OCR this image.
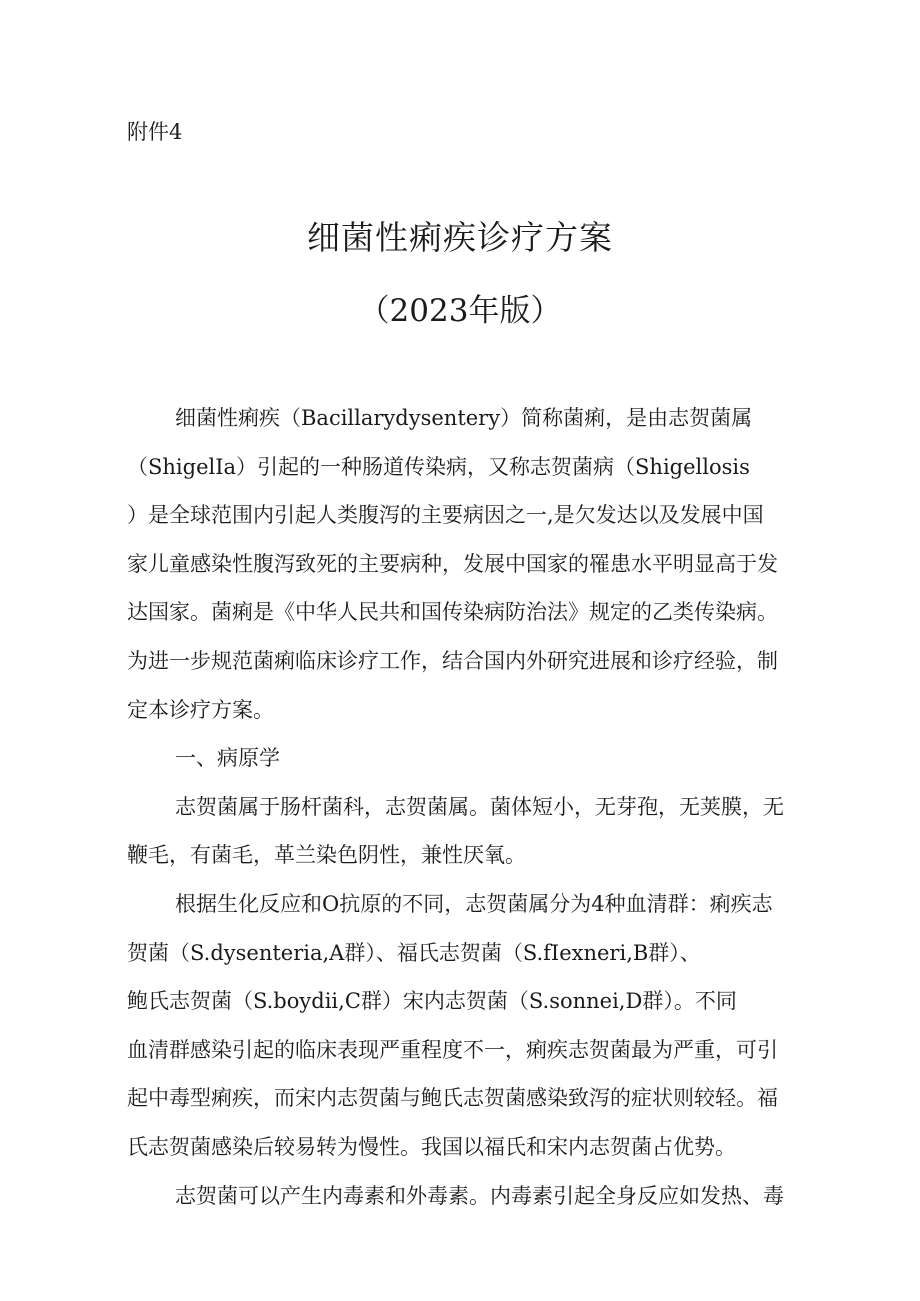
附件4
细菌性痢疾诊疗方案
（2023年版）
细菌性痢疾（Bacillarydysentery）简称菌痢，是由志贺菌属
（ShigelIa）引起的一种肠道传染病，又称志贺菌病（Shigellosis
）是全球范围内引起人类腹泻的主要病因之一,是欠发达以及发展中国
家儿童感染性腹泻致死的主要病种，发展中国家的罹患水平明显高于发
达国家。菌痢是《中华人民共和国传染病防治法》规定的乙类传染病。
为进一步规范菌痢临床诊疗工作，结合国内外研究进展和诊疗经验，制
定本诊疗方案。
一、病原学
志贺菌属于肠杆菌科，志贺菌属。菌体短小，无芽孢，无荚膜，无
鞭毛，有菌毛，革兰染色阴性，兼性厌氧。
根据生化反应和O抗原的不同，志贺菌属分为4种血清群：痢疾志
贺菌（S.dysenteria,A群）、福氏志贺菌（S.fIexneri,B群）、
鲍氏志贺菌（S.boydii,C群）宋内志贺菌（S.sonnei,D群）。不同
血清群感染引起的临床表现严重程度不一，痢疾志贺菌最为严重，可引
起中毒型痢疾，而宋内志贺菌与鲍氏志贺菌感染致泻的症状则较轻。福
氏志贺菌感染后较易转为慢性。我国以福氏和宋内志贺菌占优势。
志贺菌可以产生内毒素和外毒素。内毒素引起全身反应如发热、毒
